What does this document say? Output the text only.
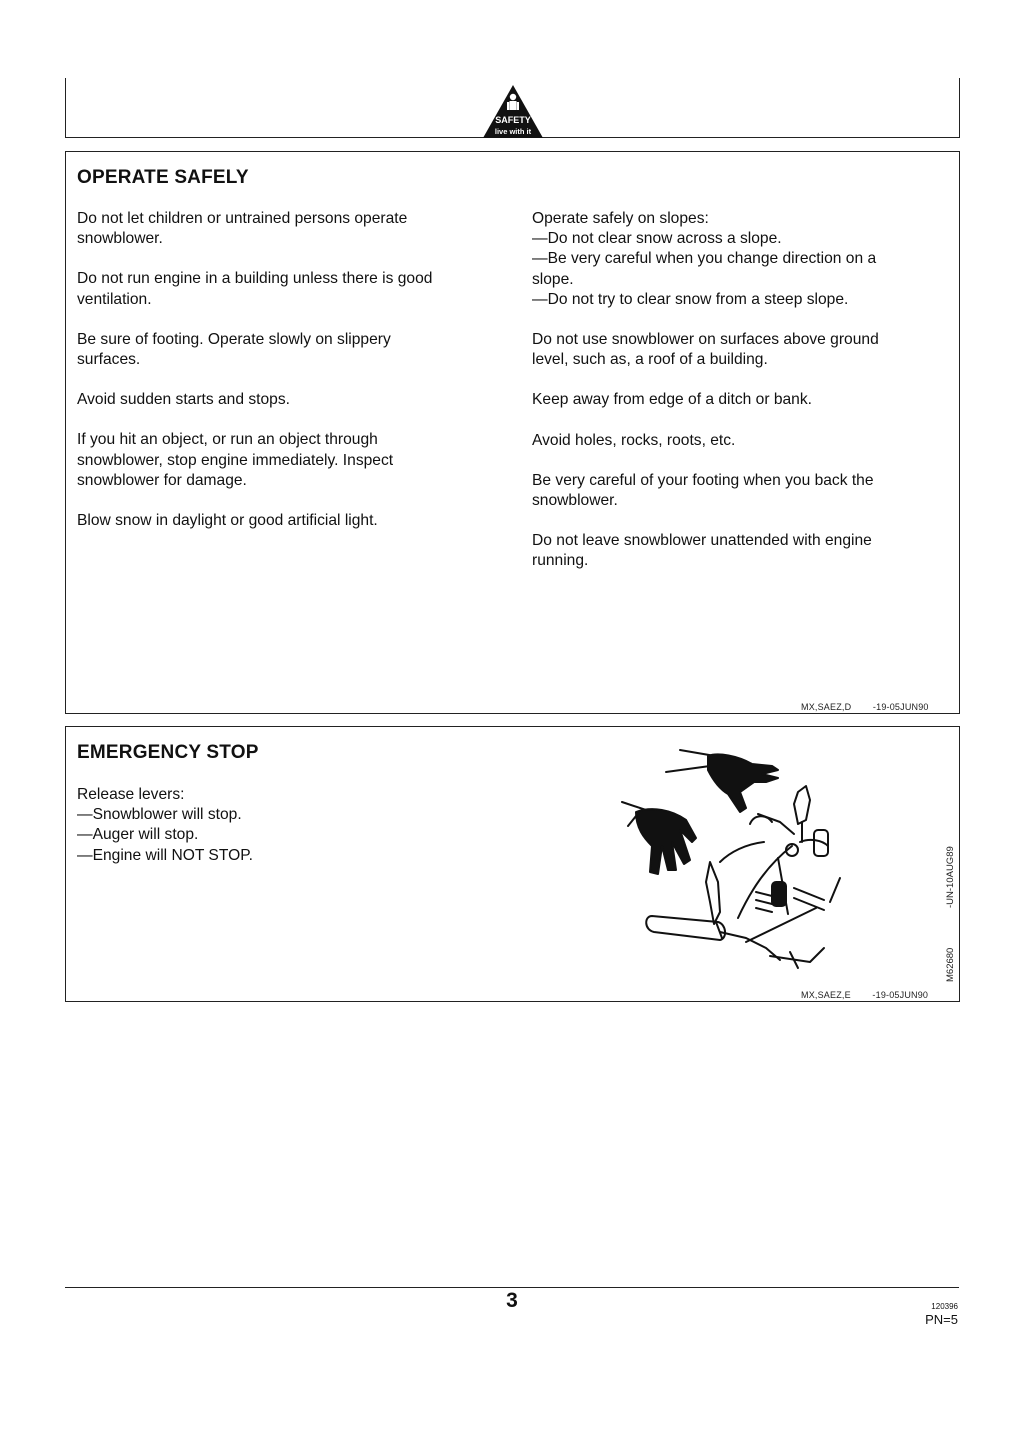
SAFETY
live with it
OPERATE SAFELY

Do not let children or untrained persons operate
snowblower.

Do not run engine in a building unless there is good
ventilation.

Be sure of footing. Operate slowly on slippery
surfaces.

Avoid sudden starts and stops.

If you hit an object, or run an object through
snowblower, stop engine immediately. Inspect
snowblower for damage.

Blow snow in daylight or good artificial light.

Operate safely on slopes:
—Do not clear snow across a slope.
—Be very careful when you change direction on a
slope.
—Do not try to clear snow from a steep slope.

Do not use snowblower on surfaces above ground
level, such as, a roof of a building.

Keep away from edge of a ditch or bank.

Avoid holes, rocks, roots, etc.

Be very careful of your footing when you back the
snowblower.

Do not leave snowblower unattended with engine
running.

MX,SAEZ,D        -19-05JUN90
EMERGENCY STOP

Release levers:
—Snowblower will stop.
—Auger will stop.
—Engine will NOT STOP.	-UN-10AUG89
M62680
MX,SAEZ,E        -19-05JUN90
3	120396
PN=5
